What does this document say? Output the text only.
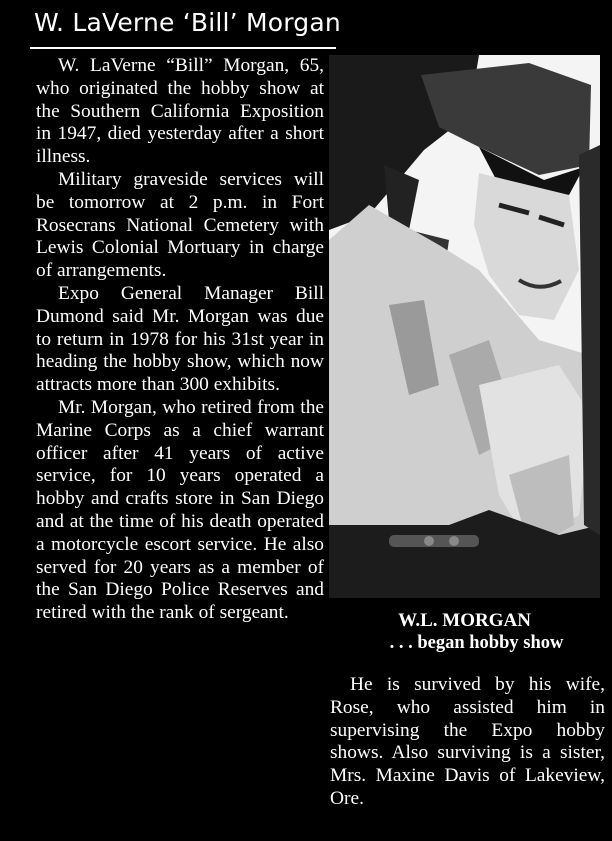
W. LaVerne ‘Bill’ Morgan

W. LaVerne “Bill” Morgan, 65, who originated the hobby show at the Southern California Exposition in 1947, died yesterday after a short illness.

Military graveside services will be tomorrow at 2 p.m. in Fort Rosecrans National Cemetery with Lewis Colonial Mortuary in charge of arrangements.

Expo General Manager Bill Dumond said Mr. Morgan was due to return in 1978 for his 31st year in heading the hobby show, which now attracts more than 300 exhibits.

Mr. Morgan, who retired from the Marine Corps as a chief warrant officer after 41 years of active service, for 10 years operated a hobby and crafts store in San Diego and at the time of his death operated a motorcycle escort service. He also served for 20 years as a member of the San Diego Police Reserves and retired with the rank of sergeant.	W.L. MORGAN
. . . began hobby show

He is survived by his wife, Rose, who assisted him in supervising the Expo hobby shows. Also surviving is a sister, Mrs. Maxine Davis of Lakeview, Ore.
